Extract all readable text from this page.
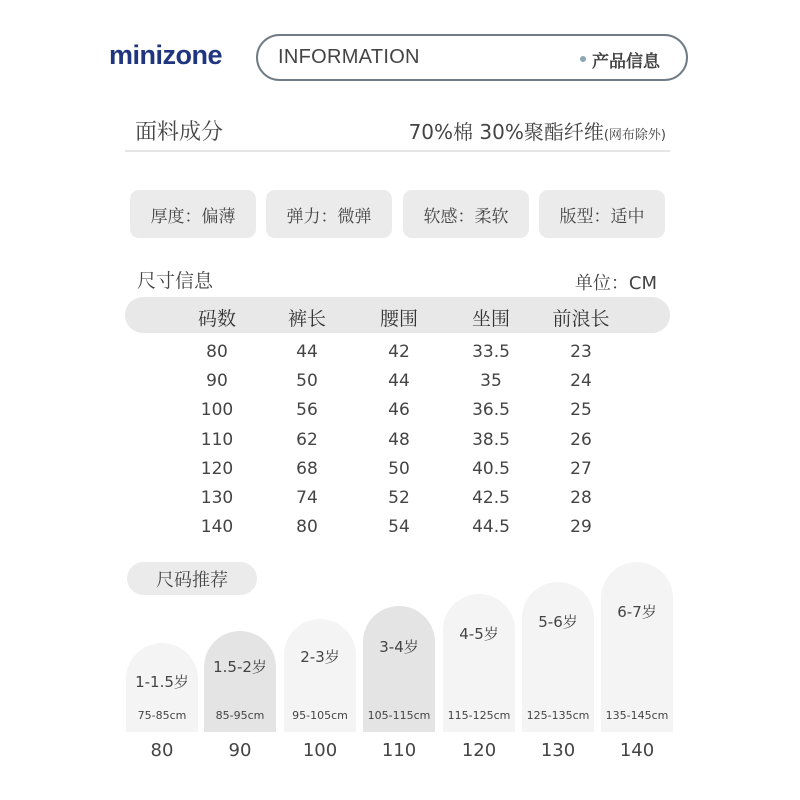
minizone	INFORMATION	产品信息
面料成分	70%棉 30%聚酯纤维(网布除外)
厚度：偏薄	弹力：微弹	软感：柔软	版型：适中
尺寸信息	单位：CM
码数	裤长	腰围	坐围 前浪长
80	44	42	33.5	23
90	50	44	35	24
100	56	46	36.5	25
110	62	48	38.5	26
120	68	50	40.5	27
130	74	52	42.5	28
140	80	54	44.5	29
尺码推荐
1-1.5岁
75-85cm
80
1.5-2岁
85-95cm
90
2-3岁
95-105cm
100
3-4岁
105-115cm
110
4-5岁
115-125cm
120
5-6岁
125-135cm
130
6-7岁
135-145cm
140
